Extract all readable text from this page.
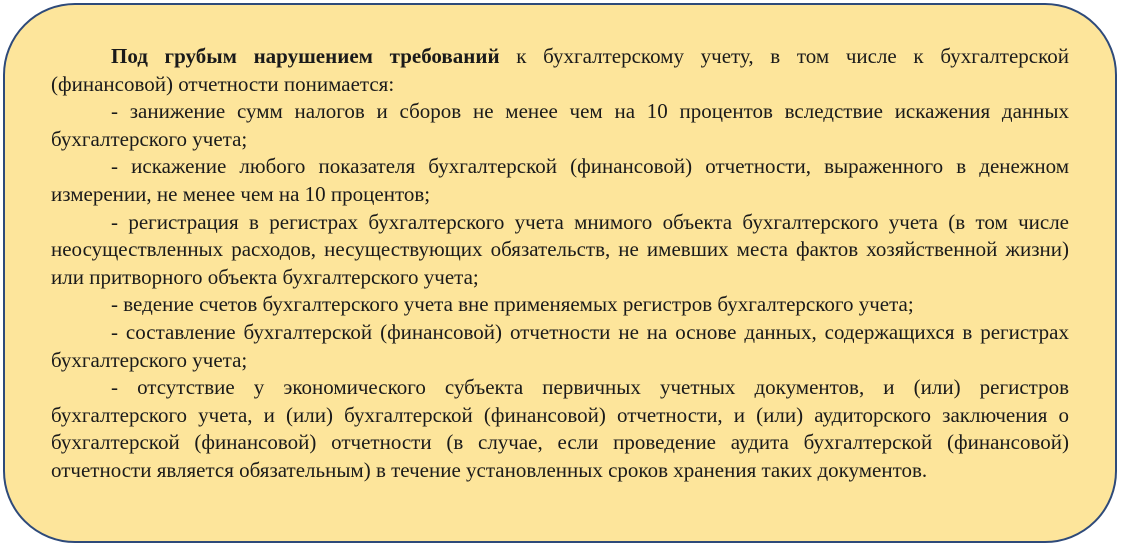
Под грубым нарушением требований к бухгалтерскому учету, в том числе к бухгалтерской (финансовой) отчетности понимается:

- занижение сумм налогов и сборов не менее чем на 10 процентов вследствие искажения данных бухгалтерского учета;

- искажение любого показателя бухгалтерской (финансовой) отчетности, выраженного в денежном измерении, не менее чем на 10 процентов;

- регистрация в регистрах бухгалтерского учета мнимого объекта бухгалтерского учета (в том числе неосуществленных расходов, несуществующих обязательств, не имевших места фактов хозяйственной жизни) или притворного объекта бухгалтерского учета;

- ведение счетов бухгалтерского учета вне применяемых регистров бухгалтерского учета;

- составление бухгалтерской (финансовой) отчетности не на основе данных, содержащихся в регистрах бухгалтерского учета;

- отсутствие у экономического субъекта первичных учетных документов, и (или) регистров бухгалтерского учета, и (или) бухгалтерской (финансовой) отчетности, и (или) аудиторского заключения о бухгалтерской (финансовой) отчетности (в случае, если проведение аудита бухгалтерской (финансовой) отчетности является обязательным) в течение установленных сроков хранения таких документов.
